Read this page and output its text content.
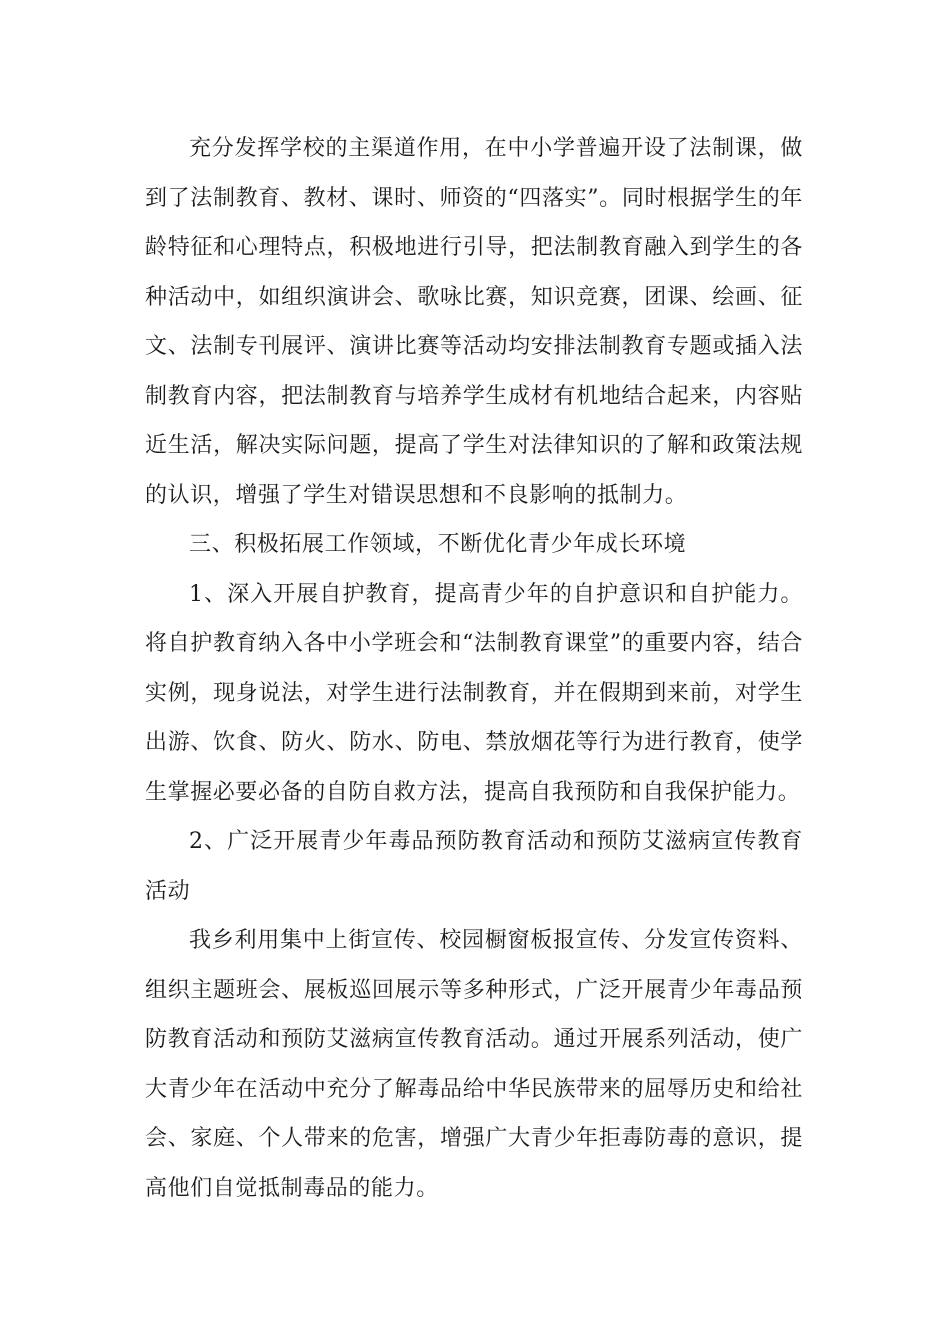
充分发挥学校的主渠道作用，在中小学普遍开设了法制课，做到了法制教育、教材、课时、师资的“四落实”。同时根据学生的年龄特征和心理特点，积极地进行引导，把法制教育融入到学生的各种活动中，如组织演讲会、歌咏比赛，知识竞赛，团课、绘画、征文、法制专刊展评、演讲比赛等活动均安排法制教育专题或插入法制教育内容，把法制教育与培养学生成材有机地结合起来，内容贴近生活，解决实际问题，提高了学生对法律知识的了解和政策法规的认识，增强了学生对错误思想和不良影响的抵制力。

三、积极拓展工作领域，不断优化青少年成长环境

1、深入开展自护教育，提高青少年的自护意识和自护能力。将自护教育纳入各中小学班会和“法制教育课堂”的重要内容，结合实例，现身说法，对学生进行法制教育，并在假期到来前，对学生出游、饮食、防火、防水、防电、禁放烟花等行为进行教育，使学生掌握必要必备的自防自救方法，提高自我预防和自我保护能力。

2、广泛开展青少年毒品预防教育活动和预防艾滋病宣传教育活动

我乡利用集中上街宣传、校园橱窗板报宣传、分发宣传资料、组织主题班会、展板巡回展示等多种形式，广泛开展青少年毒品预防教育活动和预防艾滋病宣传教育活动。通过开展系列活动，使广大青少年在活动中充分了解毒品给中华民族带来的屈辱历史和给社会、家庭、个人带来的危害，增强广大青少年拒毒防毒的意识，提高他们自觉抵制毒品的能力。
